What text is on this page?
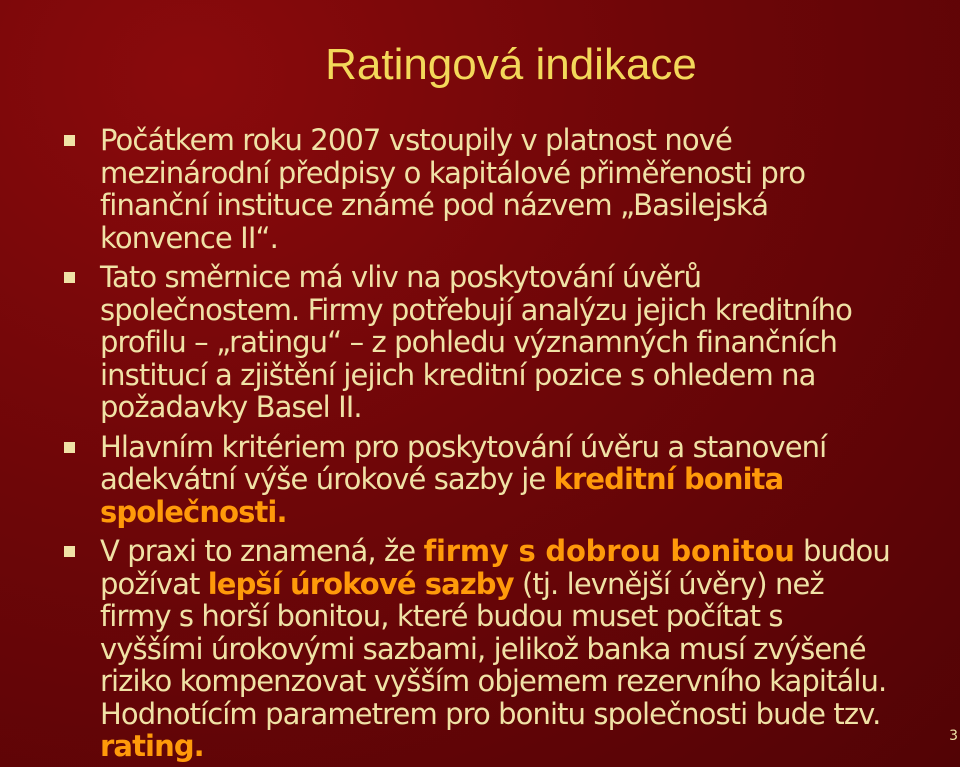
Ratingová indikace
Počátkem roku 2007 vstoupily v platnost nové
mezinárodní předpisy o kapitálové přiměřenosti pro
finanční instituce známé pod názvem „Basilejská
konvence II“.
Tato směrnice má vliv na poskytování úvěrů
společnostem. Firmy potřebují analýzu jejich kreditního
profilu – „ratingu“ – z pohledu významných finančních
institucí a zjištění jejich kreditní pozice s ohledem na
požadavky Basel II.
Hlavním kritériem pro poskytování úvěru a stanovení
adekvátní výše úrokové sazby je kreditní bonita
společnosti.
V praxi to znamená, že firmy s dobrou bonitou budou
požívat lepší úrokové sazby (tj. levnější úvěry) než
firmy s horší bonitou, které budou muset počítat s
vyššími úrokovými sazbami, jelikož banka musí zvýšené
riziko kompenzovat vyšším objemem rezervního kapitálu.
Hodnotícím parametrem pro bonitu společnosti bude tzv.
rating.	3
